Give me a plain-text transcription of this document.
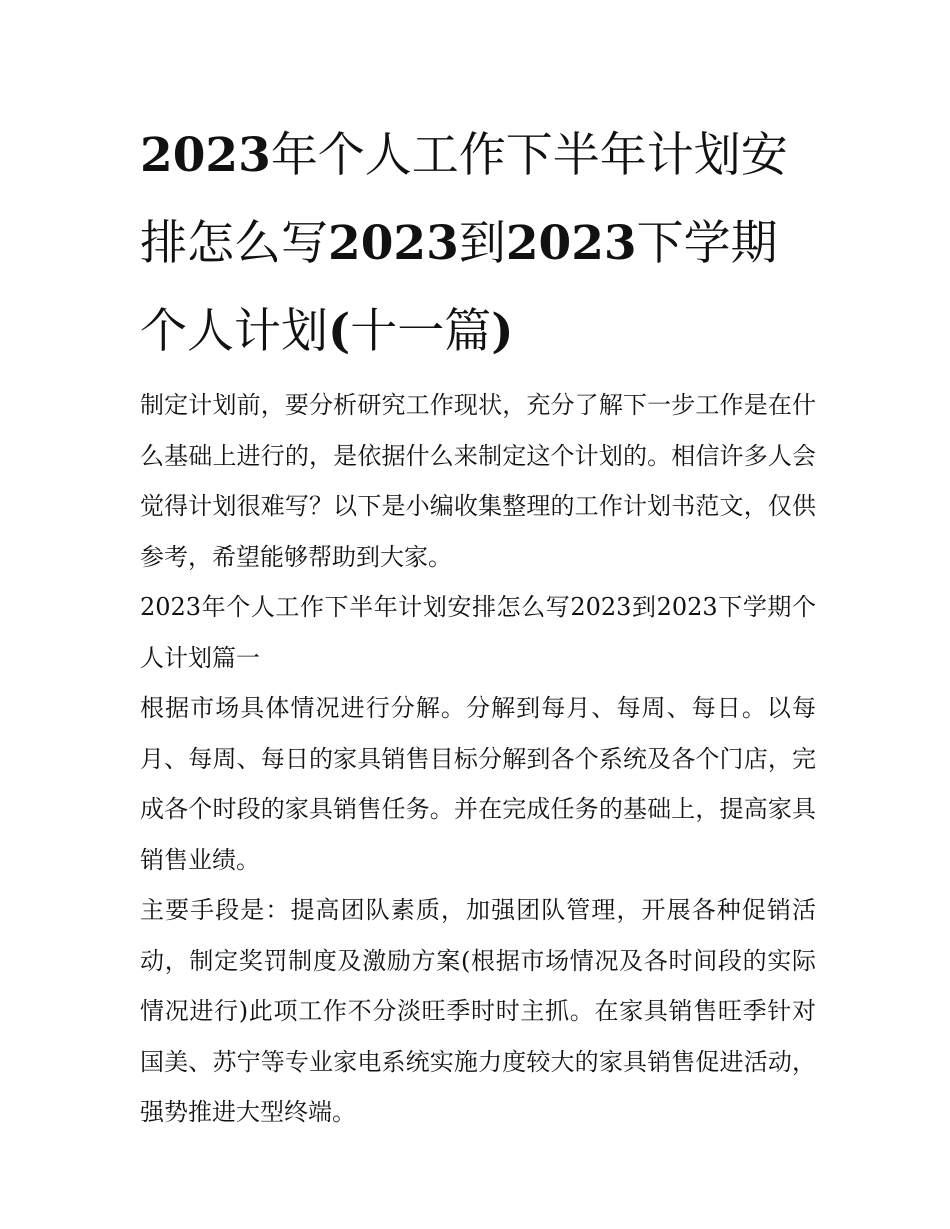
2023年个人工作下半年计划安排怎么写2023到2023下学期个人计划(十一篇)

制定计划前，要分析研究工作现状，充分了解下一步工作是在什么基础上进行的，是依据什么来制定这个计划的。相信许多人会觉得计划很难写？以下是小编收集整理的工作计划书范文，仅供参考，希望能够帮助到大家。

2023年个人工作下半年计划安排怎么写2023到2023下学期个人计划篇一

根据市场具体情况进行分解。分解到每月、每周、每日。以每月、每周、每日的家具销售目标分解到各个系统及各个门店，完成各个时段的家具销售任务。并在完成任务的基础上，提高家具销售业绩。

主要手段是：提高团队素质，加强团队管理，开展各种促销活动，制定奖罚制度及激励方案(根据市场情况及各时间段的实际情况进行)此项工作不分淡旺季时时主抓。在家具销售旺季针对国美、苏宁等专业家电系统实施力度较大的家具销售促进活动，强势推进大型终端。
